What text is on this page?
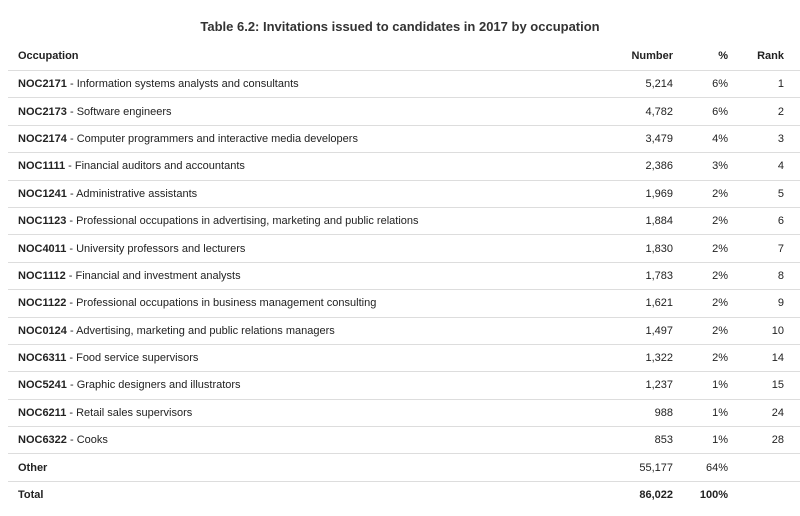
Table 6.2: Invitations issued to candidates in 2017 by occupation
Occupation	Number	%	Rank
NOC2171 - Information systems analysts and consultants	5,214	6%	1
NOC2173 - Software engineers	4,782	6%	2
NOC2174 - Computer programmers and interactive media developers	3,479	4%	3
NOC1111 - Financial auditors and accountants	2,386	3%	4
NOC1241 - Administrative assistants	1,969	2%	5
NOC1123 - Professional occupations in advertising, marketing and public relations	1,884	2%	6
NOC4011 - University professors and lecturers	1,830	2%	7
NOC1112 - Financial and investment analysts	1,783	2%	8
NOC1122 - Professional occupations in business management consulting	1,621	2%	9
NOC0124 - Advertising, marketing and public relations managers	1,497	2%	10
NOC6311 - Food service supervisors	1,322	2%	14
NOC5241 - Graphic designers and illustrators	1,237	1%	15
NOC6211 - Retail sales supervisors	988	1%	24
NOC6322 - Cooks	853	1%	28
Other	55,177	64%	
Total	86,022	100%	
